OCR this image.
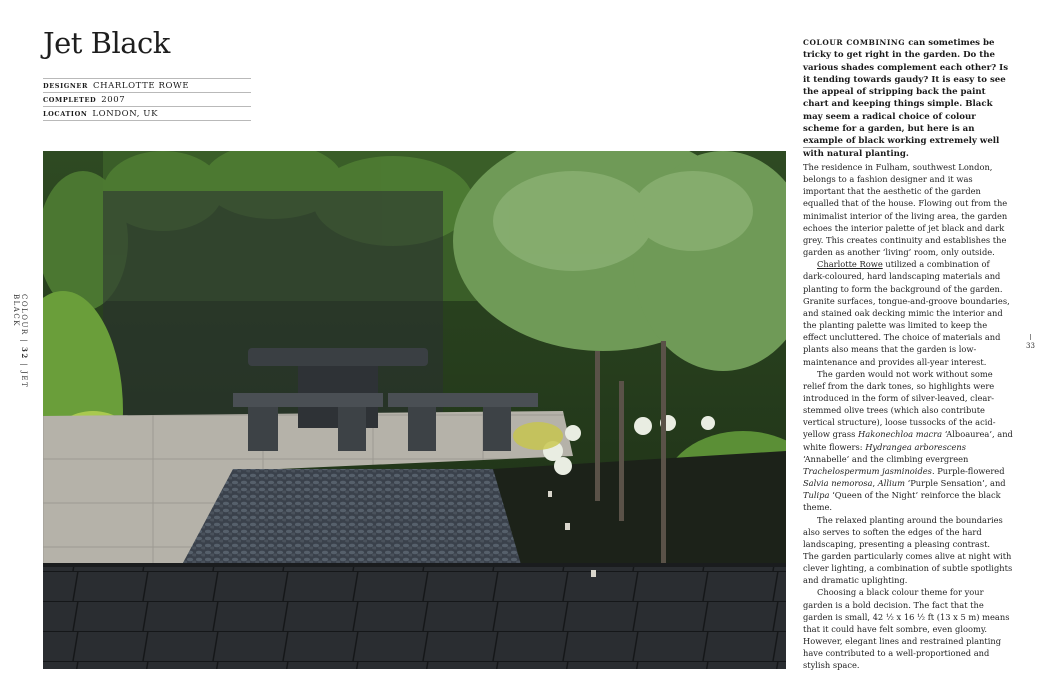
Jet Black
DESIGNER CHARLOTTE ROWE
COMPLETED 2007
LOCATION LONDON, UK

COLOUR COMBINING can sometimes be tricky to get right in the garden. Do the various shades complement each other? Is it tending towards gaudy? It is easy to see the appeal of stripping back the paint chart and keeping things simple. Black may seem a radical choice of colour scheme for a garden, but here is an example of black working extremely well with natural planting.

The residence in Fulham, southwest London, belongs to a fashion designer and it was important that the aesthetic of the garden equalled that of the house. Flowing out from the minimalist interior of the living area, the garden echoes the interior palette of jet black and dark grey. This creates continuity and establishes the garden as another ‘living’ room, only outside.

Charlotte Rowe utilized a combination of dark-coloured, hard landscaping materials and planting to form the background of the garden. Granite surfaces, tongue-and-groove boundaries, and stained oak decking mimic the interior and the planting palette was limited to keep the effect uncluttered. The choice of materials and plants also means that the garden is low-maintenance and provides all-year interest.

The garden would not work without some relief from the dark tones, so highlights were introduced in the form of silver-leaved, clear-stemmed olive trees (which also contribute vertical structure), loose tussocks of the acid-yellow grass Hakonechloa macra ‘Alboaurea’, and white flowers: Hydrangea arborescens ‘Annabelle’ and the climbing evergreen Trachelospermum jasminoides. Purple-flowered Salvia nemorosa, Allium ‘Purple Sensation’, and Tulipa ‘Queen of the Night’ reinforce the black theme.

The relaxed planting around the boundaries also serves to soften the edges of the hard landscaping, presenting a pleasing contrast.

The garden particularly comes alive at night with clever lighting, a combination of subtle spotlights and dramatic uplighting.

Choosing a black colour theme for your garden is a bold decision. The fact that the garden is small, 42 ½ x 16 ½ ft (13 x 5 m) means that it could have felt sombre, even gloomy. However, elegant lines and restrained planting have contributed to a well-proportioned and stylish space.

COLOUR | 32 | JET BLACK
33
